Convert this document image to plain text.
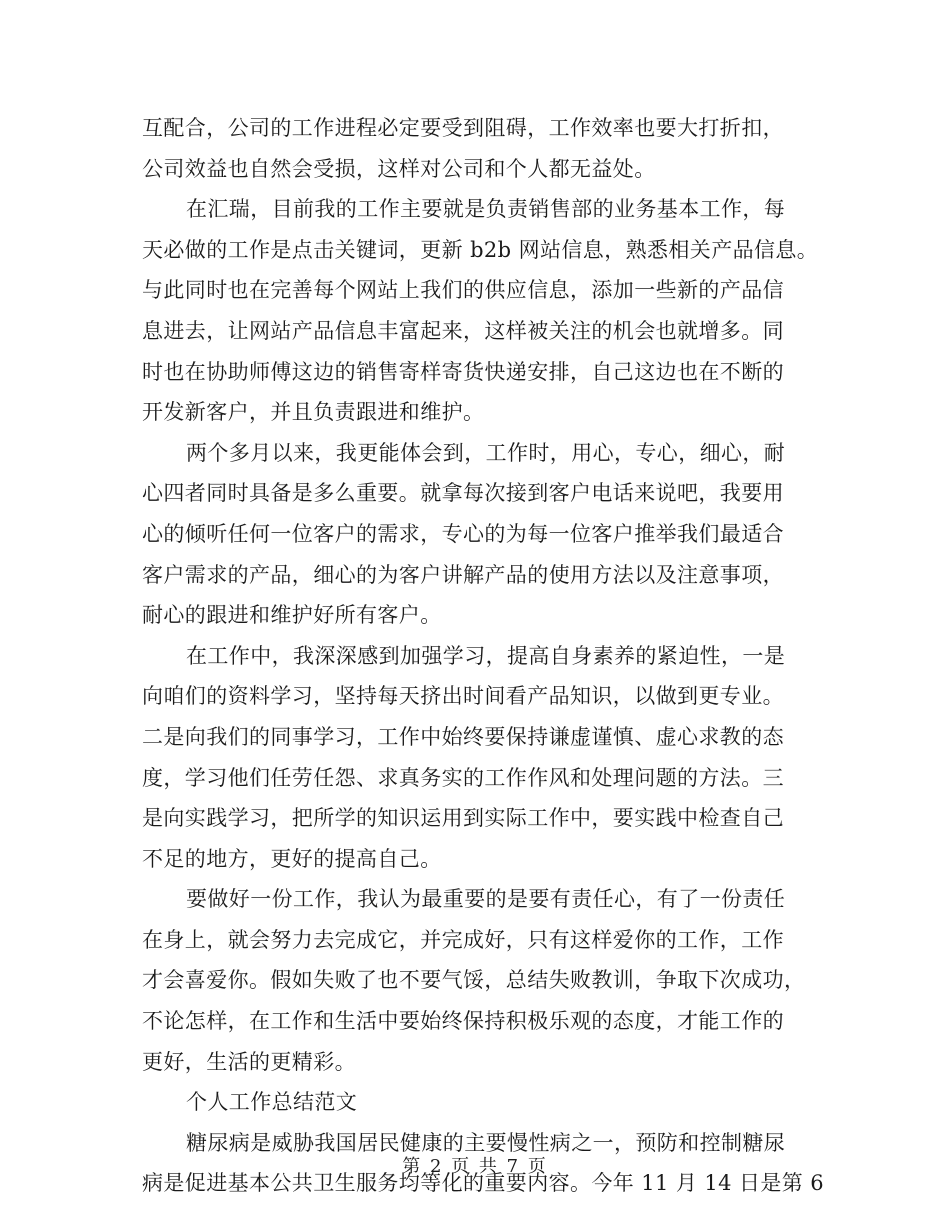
互配合，公司的工作进程必定要受到阻碍，工作效率也要大打折扣，
公司效益也自然会受损，这样对公司和个人都无益处。
在汇瑞，目前我的工作主要就是负责销售部的业务基本工作，每
天必做的工作是点击关键词，更新 b2b 网站信息，熟悉相关产品信息。
与此同时也在完善每个网站上我们的供应信息，添加一些新的产品信
息进去，让网站产品信息丰富起来，这样被关注的机会也就增多。同
时也在协助师傅这边的销售寄样寄货快递安排，自己这边也在不断的
开发新客户，并且负责跟进和维护。
两个多月以来，我更能体会到，工作时，用心，专心，细心，耐
心四者同时具备是多么重要。就拿每次接到客户电话来说吧，我要用
心的倾听任何一位客户的需求，专心的为每一位客户推举我们最适合
客户需求的产品，细心的为客户讲解产品的使用方法以及注意事项，
耐心的跟进和维护好所有客户。
在工作中，我深深感到加强学习，提高自身素养的紧迫性，一是
向咱们的资料学习，坚持每天挤出时间看产品知识，以做到更专业。
二是向我们的同事学习，工作中始终要保持谦虚谨慎、虚心求教的态
度，学习他们任劳任怨、求真务实的工作作风和处理问题的方法。三
是向实践学习，把所学的知识运用到实际工作中，要实践中检查自己
不足的地方，更好的提高自己。
要做好一份工作，我认为最重要的是要有责任心，有了一份责任
在身上，就会努力去完成它，并完成好，只有这样爱你的工作，工作
才会喜爱你。假如失败了也不要气馁，总结失败教训，争取下次成功，
不论怎样，在工作和生活中要始终保持积极乐观的态度，才能工作的
更好，生活的更精彩。
个人工作总结范文
糖尿病是威胁我国居民健康的主要慢性病之一，预防和控制糖尿
病是促进基本公共卫生服务均等化的重要内容。今年 11 月 14 日是第 6
第 2 页 共 7 页
